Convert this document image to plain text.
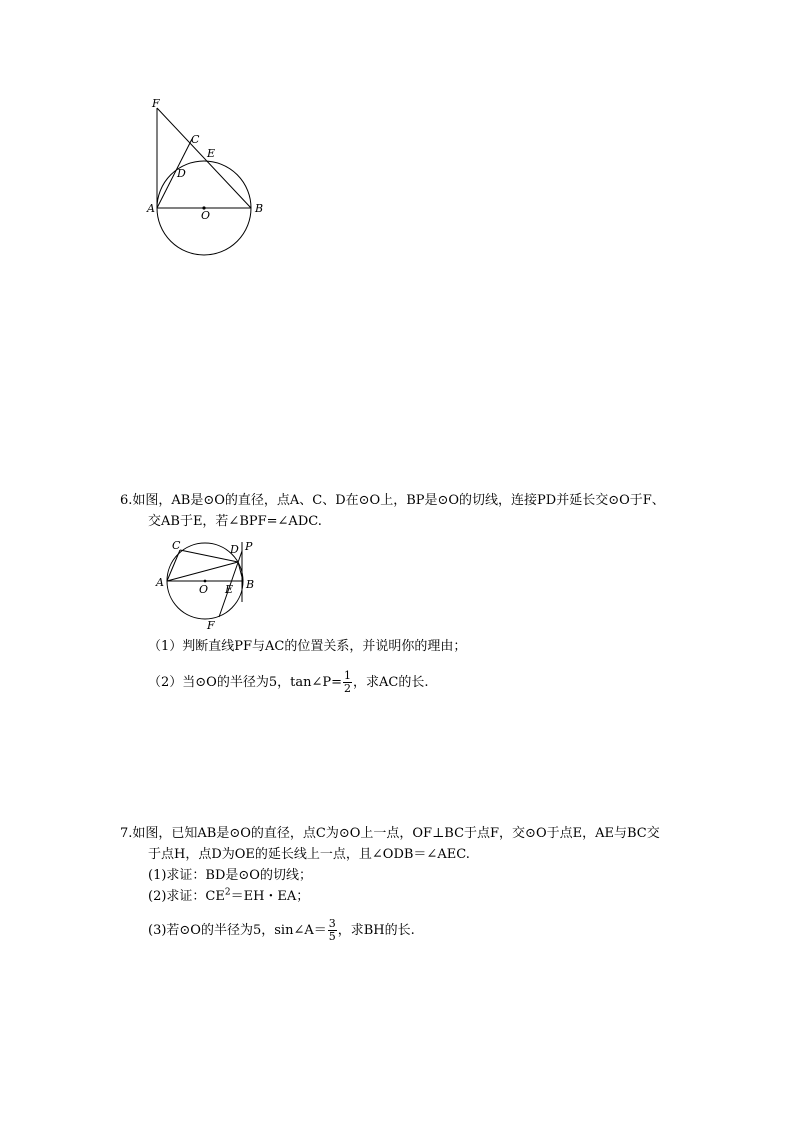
F
C
E
D
A
O
B
6.如图，AB是⊙O的直径，点A、C、D在⊙O上，BP是⊙O的切线，连接PD并延长交⊙O于F、
交AB于E，若∠BPF=∠ADC.
C	D P
A
O E B
F
（1）判断直线PF与AC的位置关系，并说明你的理由；
（2）当⊙O的半径为5，tan∠P= $\frac{1}{2}$ ，求AC的长.
7.如图，已知AB是⊙O的直径，点C为⊙O上一点，OF⊥BC于点F，交⊙O于点E，AE与BC交
于点H，点D为OE的延长线上一点，且∠ODB＝∠AEC.
(1)求证：BD是⊙O的切线；
(2)求证：$CE^2=EH$・EA；
(3)若⊙O的半径为5，sin∠A＝ $\frac{3}{5}$ ，求BH的长.
